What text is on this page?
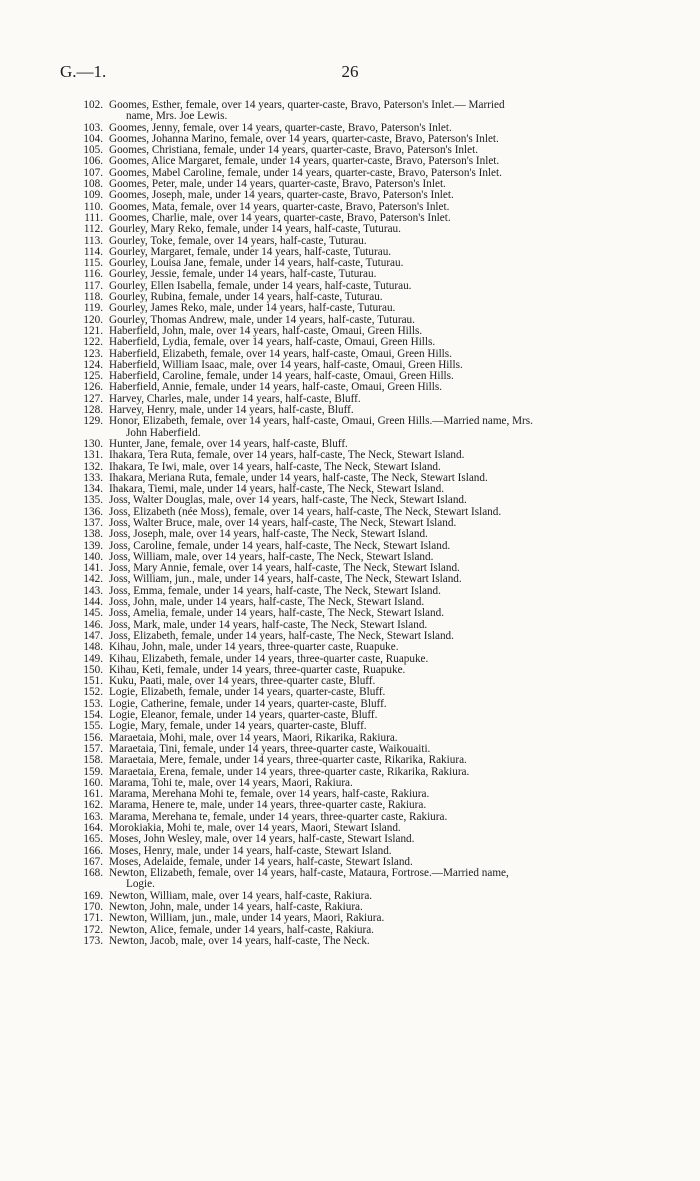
G.—1.	26
102. Goomes, Esther, female, over 14 years, quarter-caste, Bravo, Paterson's Inlet.— Married
name, Mrs. Joe Lewis.
103. Goomes, Jenny, female, over 14 years, quarter-caste, Bravo, Paterson's Inlet.
104. Goomes, Johanna Marino, female, over 14 years, quarter-caste, Bravo, Paterson's Inlet.
105. Goomes, Christiana, female, under 14 years, quarter-caste, Bravo, Paterson's Inlet.
106. Goomes, Alice Margaret, female, under 14 years, quarter-caste, Bravo, Paterson's Inlet.
107. Goomes, Mabel Caroline, female, under 14 years, quarter-caste, Bravo, Paterson's Inlet.
108. Goomes, Peter, male, under 14 years, quarter-caste, Bravo, Paterson's Inlet.
109. Goomes, Joseph, male, under 14 years, quarter-caste, Bravo, Paterson's Inlet.
110. Goomes, Mata, female, over 14 years, quarter-caste, Bravo, Paterson's Inlet.
111. Goomes, Charlie, male, over 14 years, quarter-caste, Bravo, Paterson's Inlet.
112. Gourley, Mary Reko, female, under 14 years, half-caste, Tuturau.
113. Gourley, Toke, female, over 14 years, half-caste, Tuturau.
114. Gourley, Margaret, female, under 14 years, half-caste, Tuturau.
115. Gourley, Louisa Jane, female, under 14 years, half-caste, Tuturau.
116. Gourley, Jessie, female, under 14 years, half-caste, Tuturau.
117. Gourley, Ellen Isabella, female, under 14 years, half-caste, Tuturau.
118. Gourley, Rubina, female, under 14 years, half-caste, Tuturau.
119. Gourley, James Reko, male, under 14 years, half-caste, Tuturau.
120. Gourley, Thomas Andrew, male, under 14 years, half-caste, Tuturau.
121. Haberfield, John, male, over 14 years, half-caste, Omaui, Green Hills.
122. Haberfield, Lydia, female, over 14 years, half-caste, Omaui, Green Hills.
123. Haberfield, Elizabeth, female, over 14 years, half-caste, Omaui, Green Hills.
124. Haberfield, William Isaac, male, over 14 years, half-caste, Omaui, Green Hills.
125. Haberfield, Caroline, female, under 14 years, half-caste, Omaui, Green Hills.
126. Haberfield, Annie, female, under 14 years, half-caste, Omaui, Green Hills.
127. Harvey, Charles, male, under 14 years, half-caste, Bluff.
128. Harvey, Henry, male, under 14 years, half-caste, Bluff.
129. Honor, Elizabeth, female, over 14 years, half-caste, Omaui, Green Hills.—Married name, Mrs.
John Haberfield.
130. Hunter, Jane, female, over 14 years, half-caste, Bluff.
131. Ihakara, Tera Ruta, female, over 14 years, half-caste, The Neck, Stewart Island.
132. Ihakara, Te Iwi, male, over 14 years, half-caste, The Neck, Stewart Island.
133. Ihakara, Meriana Ruta, female, under 14 years, half-caste, The Neck, Stewart Island.
134. Ihakara, Tiemi, male, under 14 years, half-caste, The Neck, Stewart Island.
135. Joss, Walter Douglas, male, over 14 years, half-caste, The Neck, Stewart Island.
136. Joss, Elizabeth (née Moss), female, over 14 years, half-caste, The Neck, Stewart Island.
137. Joss, Walter Bruce, male, over 14 years, half-caste, The Neck, Stewart Island.
138. Joss, Joseph, male, over 14 years, half-caste, The Neck, Stewart Island.
139. Joss, Caroline, female, under 14 years, half-caste, The Neck, Stewart Island.
140. Joss, William, male, over 14 years, half-caste, The Neck, Stewart Island.
141. Joss, Mary Annie, female, over 14 years, half-caste, The Neck, Stewart Island.
142. Joss, William, jun., male, under 14 years, half-caste, The Neck, Stewart Island.
143. Joss, Emma, female, under 14 years, half-caste, The Neck, Stewart Island.
144. Joss, John, male, under 14 years, half-caste, The Neck, Stewart Island.
145. Joss, Amelia, female, under 14 years, half-caste, The Neck, Stewart Island.
146. Joss, Mark, male, under 14 years, half-caste, The Neck, Stewart Island.
147. Joss, Elizabeth, female, under 14 years, half-caste, The Neck, Stewart Island.
148. Kihau, John, male, under 14 years, three-quarter caste, Ruapuke.
149. Kihau, Elizabeth, female, under 14 years, three-quarter caste, Ruapuke.
150. Kihau, Keti, female, under 14 years, three-quarter caste, Ruapuke.
151. Kuku, Paati, male, over 14 years, three-quarter caste, Bluff.
152. Logie, Elizabeth, female, under 14 years, quarter-caste, Bluff.
153. Logie, Catherine, female, under 14 years, quarter-caste, Bluff.
154. Logie, Eleanor, female, under 14 years, quarter-caste, Bluff.
155. Logie, Mary, female, under 14 years, quarter-caste, Bluff.
156. Maraetaia, Mohi, male, over 14 years, Maori, Rikarika, Rakiura.
157. Maraetaia, Tini, female, under 14 years, three-quarter caste, Waikouaiti.
158. Maraetaia, Mere, female, under 14 years, three-quarter caste, Rikarika, Rakiura.
159. Maraetaia, Erena, female, under 14 years, three-quarter caste, Rikarika, Rakiura.
160. Marama, Tohi te, male, over 14 years, Maori, Rakiura.
161. Marama, Merehana Mohi te, female, over 14 years, half-caste, Rakiura.
162. Marama, Henere te, male, under 14 years, three-quarter caste, Rakiura.
163. Marama, Merehana te, female, under 14 years, three-quarter caste, Rakiura.
164. Morokiakia, Mohi te, male, over 14 years, Maori, Stewart Island.
165. Moses, John Wesley, male, over 14 years, half-caste, Stewart Island.
166. Moses, Henry, male, under 14 years, half-caste, Stewart Island.
167. Moses, Adelaide, female, under 14 years, half-caste, Stewart Island.
168. Newton, Elizabeth, female, over 14 years, half-caste, Mataura, Fortrose.—Married name,
Logie.
169. Newton, William, male, over 14 years, half-caste, Rakiura.
170. Newton, John, male, under 14 years, half-caste, Rakiura.
171. Newton, William, jun., male, under 14 years, Maori, Rakiura.
172. Newton, Alice, female, under 14 years, half-caste, Rakiura.
173. Newton, Jacob, male, over 14 years, half-caste, The Neck.
